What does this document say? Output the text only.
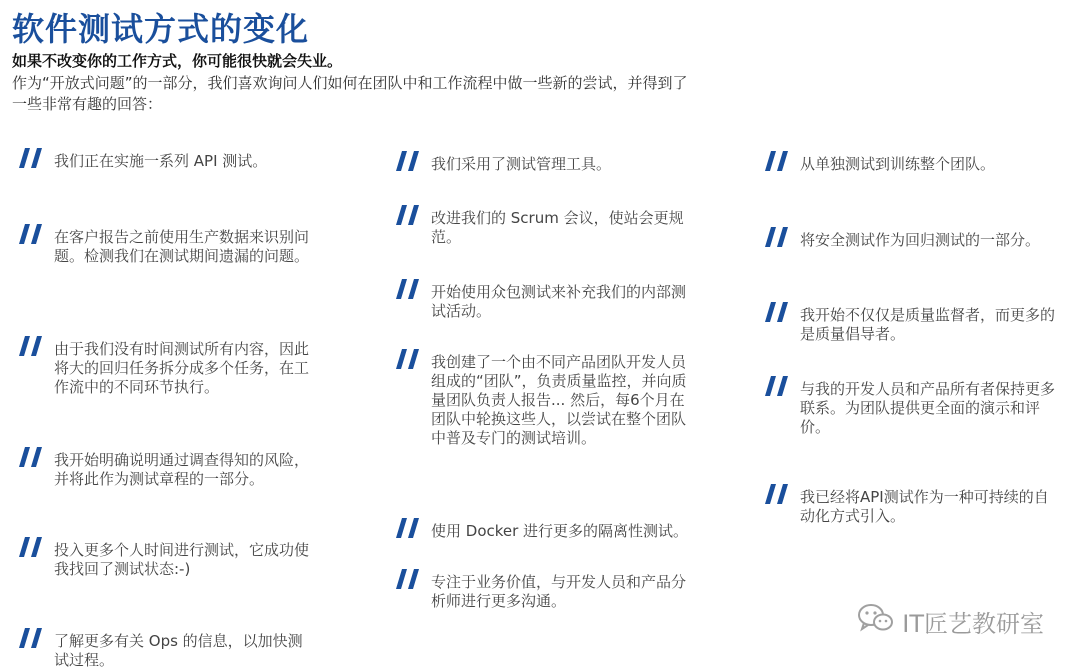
软件测试方式的变化
如果不改变你的工作方式，你可能很快就会失业。
作为“开放式问题”的一部分，我们喜欢询问人们如何在团队中和工作流程中做一些新的尝试，并得到了一些非常有趣的回答：
我们正在实施一系列 API 测试。
在客户报告之前使用生产数据来识别问题。检测我们在测试期间遗漏的问题。
由于我们没有时间测试所有内容，因此将大的回归任务拆分成多个任务，在工作流中的不同环节执行。
我开始明确说明通过调查得知的风险，并将此作为测试章程的一部分。
投入更多个人时间进行测试，它成功使我找回了测试状态:-)
了解更多有关 Ops 的信息，以加快测试过程。
我们采用了测试管理工具。
改进我们的 Scrum 会议，使站会更规范。
开始使用众包测试来补充我们的内部测试活动。
我创建了一个由不同产品团队开发人员组成的“团队”，负责质量监控，并向质量团队负责人报告... 然后，每6个月在团队中轮换这些人，以尝试在整个团队中普及专门的测试培训。
使用 Docker 进行更多的隔离性测试。
专注于业务价值，与开发人员和产品分析师进行更多沟通。
从单独测试到训练整个团队。
将安全测试作为回归测试的一部分。
我开始不仅仅是质量监督者，而更多的是质量倡导者。
与我的开发人员和产品所有者保持更多联系。为团队提供更全面的演示和评价。
我已经将API测试作为一种可持续的自动化方式引入。
IT匠艺教研室
